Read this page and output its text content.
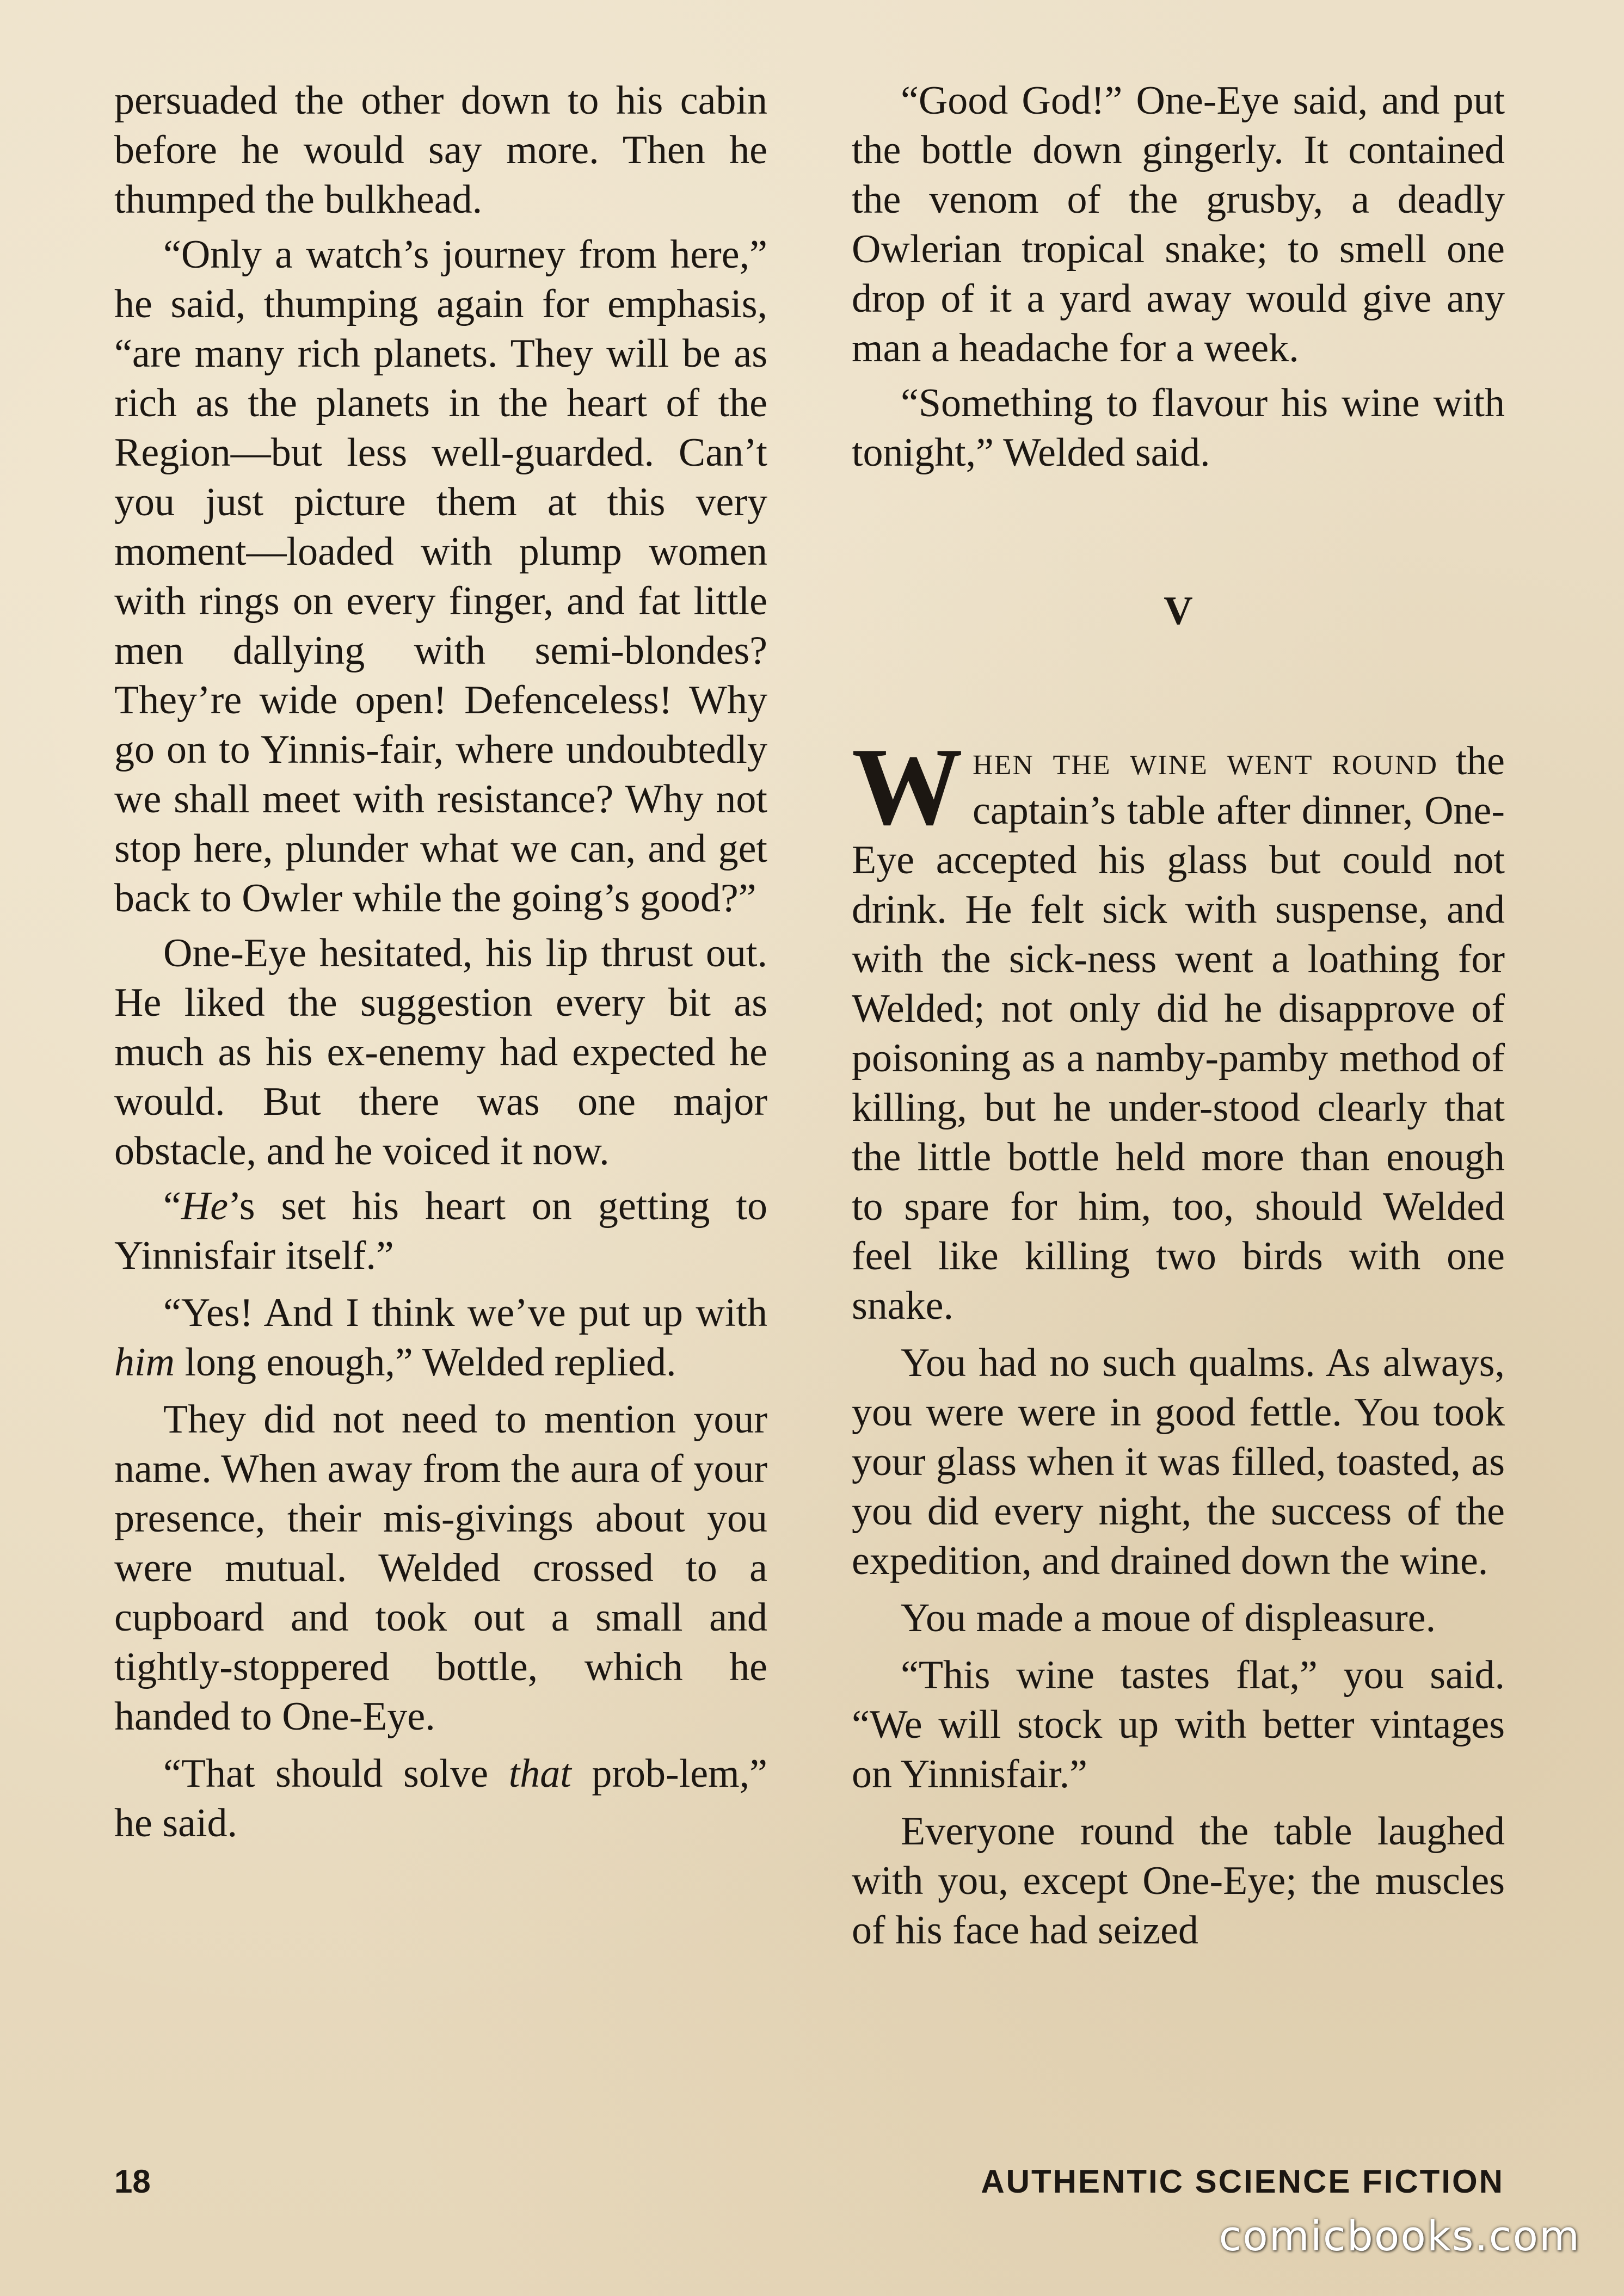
persuaded the other down to his cabin before he would say more. Then he thumped the bulkhead.

“Only a watch’s journey from here,” he said, thumping again for emphasis, “are many rich planets. They will be as rich as the planets in the heart of the Region—but less well-guarded. Can’t you just picture them at this very moment—loaded with plump women with rings on every finger, and fat little men dallying with semi-blondes? They’re wide open! Defenceless! Why go on to Yinnis-fair, where undoubtedly we shall meet with resistance? Why not stop here, plunder what we can, and get back to Owler while the going’s good?”

One-Eye hesitated, his lip thrust out. He liked the suggestion every bit as much as his ex-enemy had expected he would. But there was one major obstacle, and he voiced it now.

“He’s set his heart on getting to Yinnisfair itself.”

“Yes! And I think we’ve put up with him long enough,” Welded replied.

They did not need to mention your name. When away from the aura of your presence, their mis-givings about you were mutual. Welded crossed to a cupboard and took out a small and tightly-stoppered bottle, which he handed to One-Eye.

“That should solve that prob-lem,” he said.

“Good God!” One-Eye said, and put the bottle down gingerly. It contained the venom of the grusby, a deadly Owlerian tropical snake; to smell one drop of it a yard away would give any man a headache for a week.

“Something to flavour his wine with tonight,” Welded said.

V

When the wine went round the captain’s table after dinner, One-Eye accepted his glass but could not drink. He felt sick with suspense, and with the sick-ness went a loathing for Welded; not only did he disapprove of poisoning as a namby-pamby method of killing, but he under-stood clearly that the little bottle held more than enough to spare for him, too, should Welded feel like killing two birds with one snake.

You had no such qualms. As always, you were were in good fettle. You took your glass when it was filled, toasted, as you did every night, the success of the expedition, and drained down the wine.

You made a moue of displeasure.

“This wine tastes flat,” you said. “We will stock up with better vintages on Yinnisfair.”

Everyone round the table laughed with you, except One-Eye; the muscles of his face had seized

18	AUTHENTIC SCIENCE FICTION
comicbooks.com
